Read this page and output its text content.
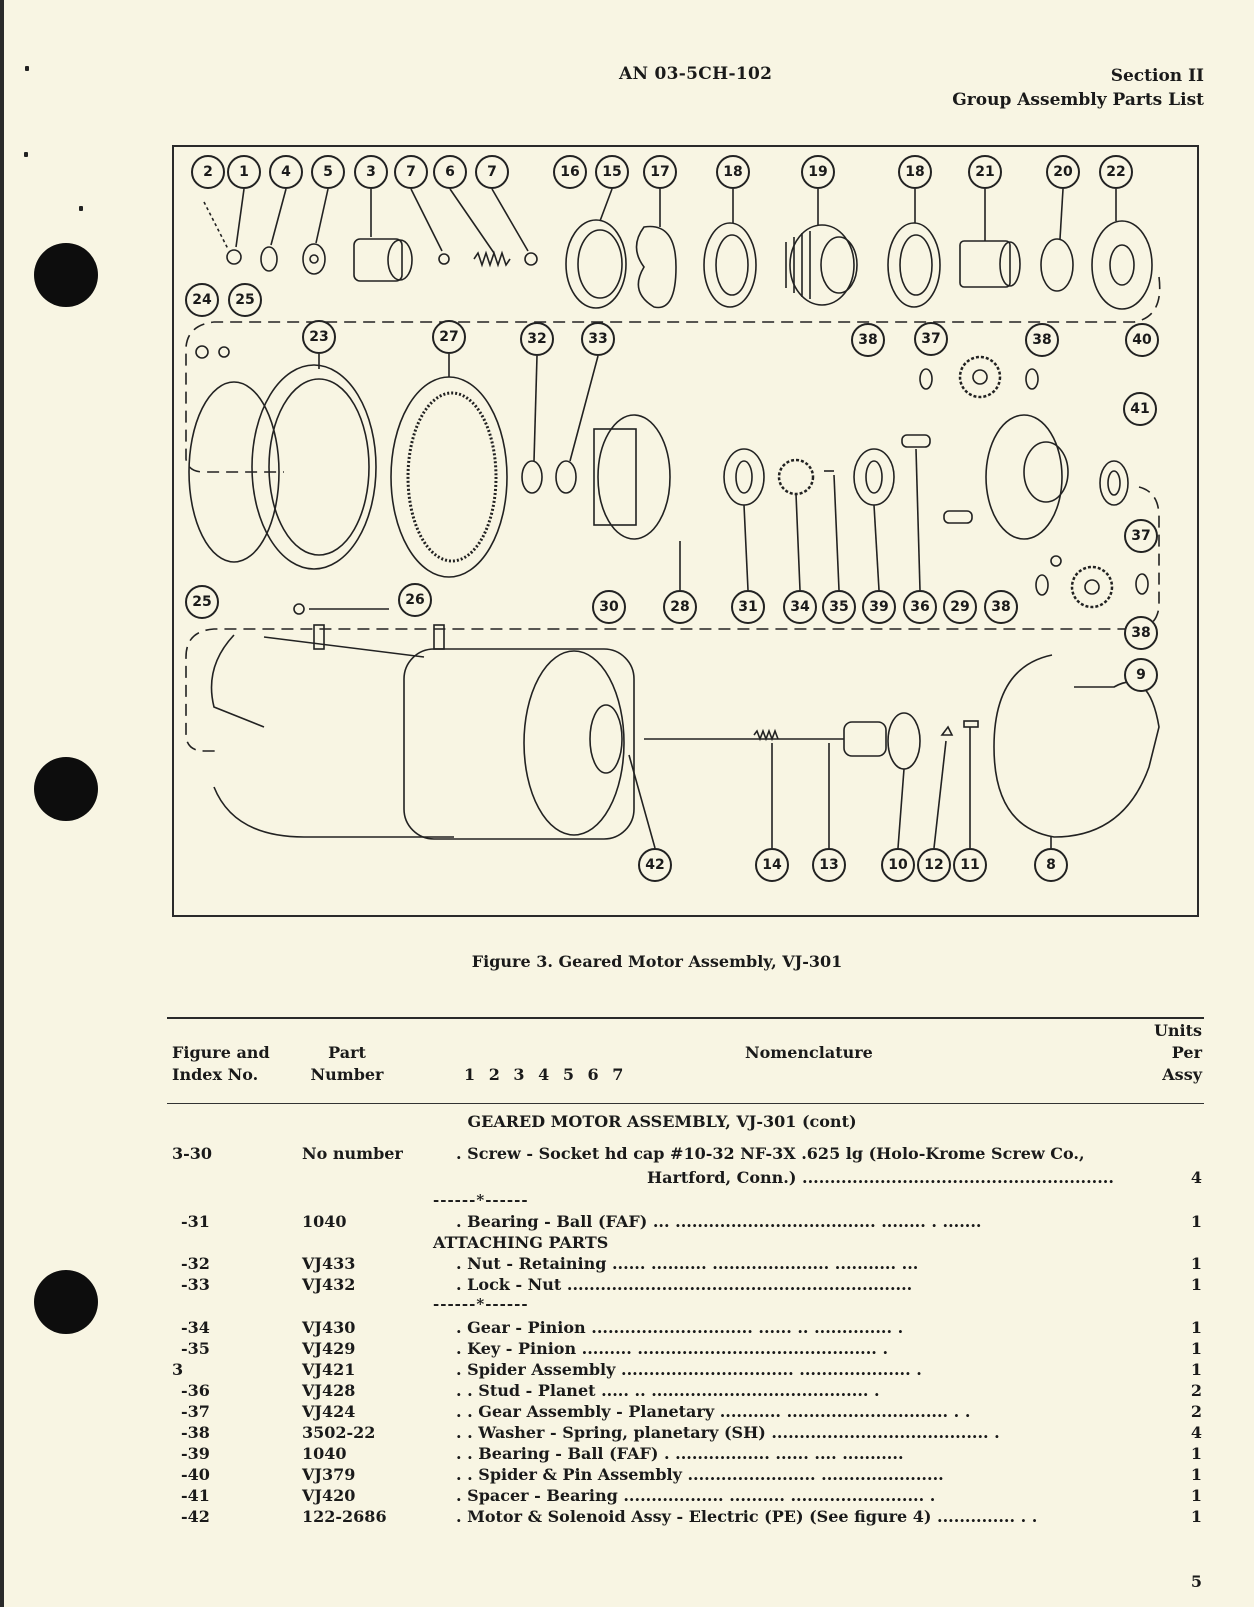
AN 03-5CH-102	Section II
Group Assembly Parts List
2	1	4	5	3	7	6	7	16	15	17	18	19	18	21	20	22
24	25
23	27	32	33	38	37	38	40
41
37
30	28	31	34	35	39	36	29	38
38
9
25	26
42	14	13	10	12	11	8
Figure 3. Geared Motor Assembly, VJ-301
Figure and
Index No.
Part
Number	1 2 3 4 5 6 7
Nomenclature
Units
Per
Assy
GEARED MOTOR ASSEMBLY, VJ-301 (cont)
3-30	No number	. Screw - Socket hd cap #10-32 NF-3X .625 lg (Holo-Krome Screw Co.,
Hartford, Conn.) ........................................................	4
------*------
-31	1040	. Bearing - Ball (FAF) ... .................................... ........ . .......	1
ATTACHING PARTS
-32	VJ433	. Nut - Retaining ...... .......... ..................... ........... ...	1
-33	VJ432	. Lock - Nut ..............................................................	1
------*------
-34	VJ430	. Gear - Pinion ............................. ...... .. .............. .	1
-35	VJ429	. Key - Pinion ......... ........................................... .	1
3	VJ421	. Spider Assembly ............................... .................... .	1
-36	VJ428	. . Stud - Planet ..... .. ....................................... .	2
-37	VJ424	. . Gear Assembly - Planetary ........... ............................. . .	2
-38	3502-22	. . Washer - Spring, planetary (SH) ....................................... .	4
-39	1040	. . Bearing - Ball (FAF) . ................. ...... .... ...........	1
-40	VJ379	. . Spider & Pin Assembly ....................... ......................	1
-41	VJ420	. Spacer - Bearing .................. .......... ........................ .	1
-42	122-2686	. Motor & Solenoid Assy - Electric (PE) (See figure 4) .............. . .	1
5
